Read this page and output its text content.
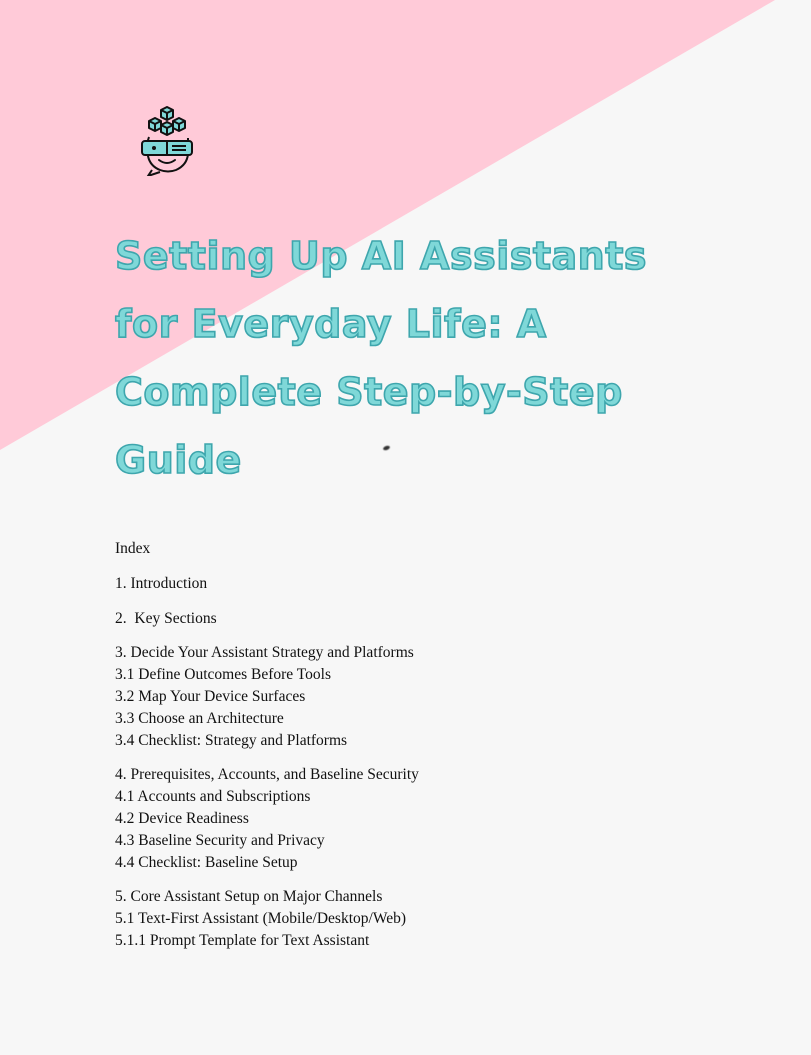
Setting Up AI Assistants
for Everyday Life: A
Complete Step-by-Step
Guide
Index
1. Introduction
2.  Key Sections
3. Decide Your Assistant Strategy and Platforms
3.1 Define Outcomes Before Tools
3.2 Map Your Device Surfaces
3.3 Choose an Architecture
3.4 Checklist: Strategy and Platforms
4. Prerequisites, Accounts, and Baseline Security
4.1 Accounts and Subscriptions
4.2 Device Readiness
4.3 Baseline Security and Privacy
4.4 Checklist: Baseline Setup
5. Core Assistant Setup on Major Channels
5.1 Text-First Assistant (Mobile/Desktop/Web)
5.1.1 Prompt Template for Text Assistant
